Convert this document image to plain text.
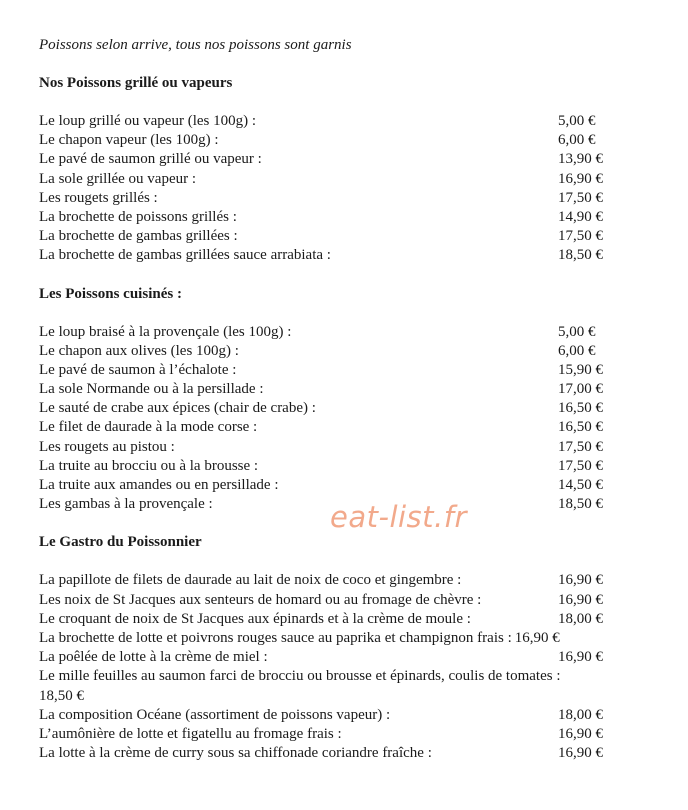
Poissons selon arrive, tous nos poissons sont garnis
Nos Poissons grillé ou vapeurs
Le loup grillé ou vapeur (les 100g) :	5,00 €
Le chapon vapeur (les 100g) :	6,00 €
Le pavé de saumon grillé ou vapeur :	13,90 €
La sole grillée ou vapeur :	16,90 €
Les rougets grillés :	17,50 €
La brochette de poissons grillés :	14,90 €
La brochette de gambas grillées :	17,50 €
La brochette de gambas grillées sauce arrabiata :	18,50 €
Les Poissons cuisinés :
Le loup braisé à la provençale (les 100g) :	5,00 €
Le chapon aux olives (les 100g) :	6,00 €
Le pavé de saumon à l’échalote :	15,90 €
La sole Normande ou à la persillade :	17,00 €
Le sauté de crabe aux épices (chair de crabe) :	16,50 €
Le filet de daurade à la mode corse :	16,50 €
Les rougets au pistou :	17,50 €
La truite au brocciu ou à la brousse :	17,50 €
La truite aux amandes ou en persillade :	14,50 €
Les gambas à la provençale :	18,50 €
Le Gastro du Poissonnier
La papillote de filets de daurade au lait de noix de coco et gingembre :	16,90 €
Les noix de St Jacques aux senteurs de homard ou au fromage de chèvre :	16,90 €
Le croquant de noix de St Jacques aux épinards et à la crème de moule :	18,00 €
La brochette de lotte et poivrons rouges sauce au paprika et champignon frais : 16,90 €
La poêlée de lotte à la crème de miel :	16,90 €
Le mille feuilles au saumon farci de brocciu ou brousse et épinards, coulis de tomates :
18,50 €
La composition Océane (assortiment de poissons vapeur) :	18,00 €
L’aumônière de lotte et figatellu au fromage frais :	16,90 €
La lotte à la crème de curry sous sa chiffonade coriandre fraîche :	16,90 €
eat-list.fr
